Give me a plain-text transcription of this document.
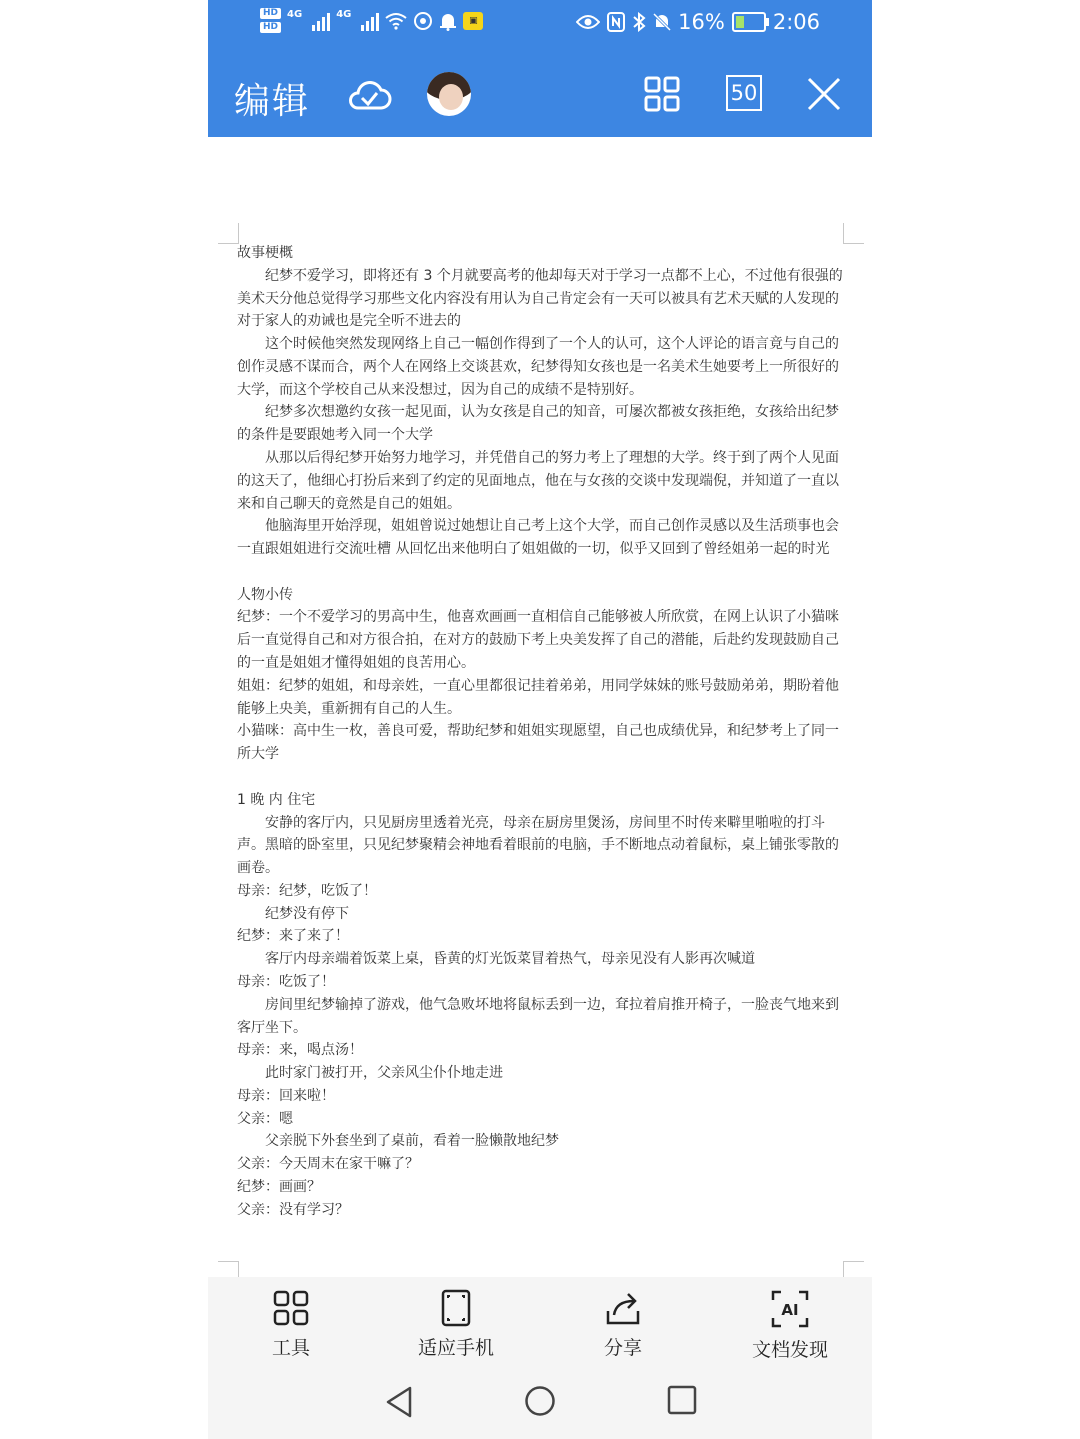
HD
HD
4G	4G
▣	16% 2:06
编辑	50

故事梗概

　　纪梦不爱学习，即将还有 3 个月就要高考的他却每天对于学习一点都不上心，不过他有很强的美术天分他总觉得学习那些文化内容没有用认为自己肯定会有一天可以被具有艺术天赋的人发现的对于家人的劝诫也是完全听不进去的

　　这个时候他突然发现网络上自己一幅创作得到了一个人的认可，这个人评论的语言竟与自己的创作灵感不谋而合，两个人在网络上交谈甚欢，纪梦得知女孩也是一名美术生她要考上一所很好的大学，而这个学校自己从来没想过，因为自己的成绩不是特别好。

　　纪梦多次想邀约女孩一起见面，认为女孩是自己的知音，可屡次都被女孩拒绝，女孩给出纪梦的条件是要跟她考入同一个大学

　　从那以后得纪梦开始努力地学习，并凭借自己的努力考上了理想的大学。终于到了两个人见面的这天了，他细心打扮后来到了约定的见面地点，他在与女孩的交谈中发现端倪，并知道了一直以来和自己聊天的竟然是自己的姐姐。

　　他脑海里开始浮现，姐姐曾说过她想让自己考上这个大学，而自己创作灵感以及生活琐事也会一直跟姐姐进行交流吐槽 从回忆出来他明白了姐姐做的一切，似乎又回到了曾经姐弟一起的时光

人物小传

纪梦：一个不爱学习的男高中生，他喜欢画画一直相信自己能够被人所欣赏，在网上认识了小猫咪后一直觉得自己和对方很合拍，在对方的鼓励下考上央美发挥了自己的潜能，后赴约发现鼓励自己的一直是姐姐才懂得姐姐的良苦用心。

姐姐：纪梦的姐姐，和母亲姓，一直心里都很记挂着弟弟，用同学妹妹的账号鼓励弟弟，期盼着他能够上央美，重新拥有自己的人生。

小猫咪：高中生一枚，善良可爱，帮助纪梦和姐姐实现愿望，自己也成绩优异，和纪梦考上了同一所大学

1 晚 内 住宅

　　安静的客厅内，只见厨房里透着光亮，母亲在厨房里煲汤，房间里不时传来噼里啪啦的打斗声。黑暗的卧室里，只见纪梦聚精会神地看着眼前的电脑，手不断地点动着鼠标，桌上铺张零散的画卷。

母亲：纪梦，吃饭了！

　　纪梦没有停下

纪梦：来了来了！

　　客厅内母亲端着饭菜上桌，昏黄的灯光饭菜冒着热气，母亲见没有人影再次喊道

母亲：吃饭了！

　　房间里纪梦输掉了游戏，他气急败坏地将鼠标丢到一边，耷拉着肩推开椅子，一脸丧气地来到客厅坐下。

母亲：来，喝点汤！

　　此时家门被打开，父亲风尘仆仆地走进

母亲：回来啦！

父亲：嗯

　　父亲脱下外套坐到了桌前，看着一脸懒散地纪梦

父亲：今天周末在家干嘛了？

纪梦：画画？

父亲：没有学习？

工具	适应手机	分享
AI
文档发现
